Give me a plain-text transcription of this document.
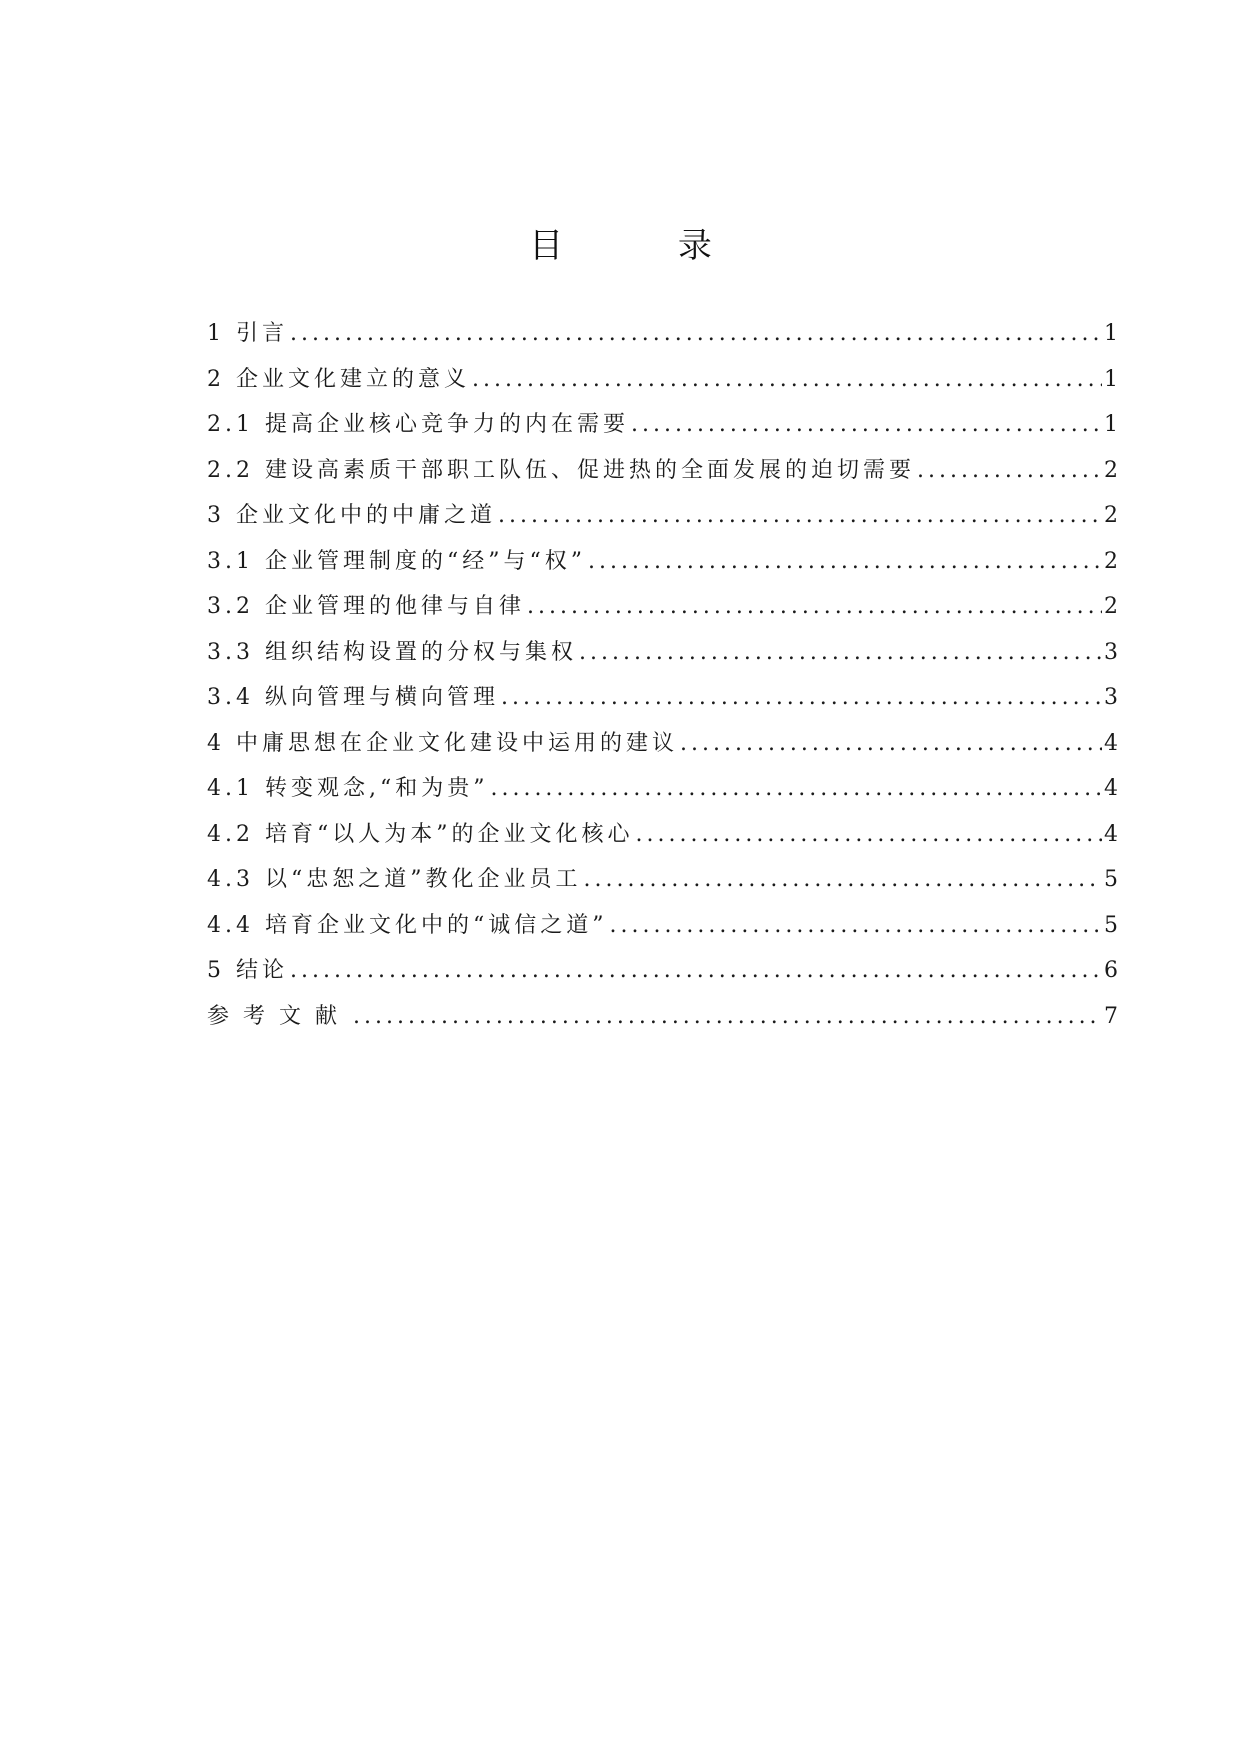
目 录
1 引言 .....	1
2 企业文化建立的意义 .....	1
2.1 提高企业核心竞争力的内在需要 .....	1
2.2 建设高素质干部职工队伍、促进热的全面发展的迫切需要 .....	2
3 企业文化中的中庸之道 .....	2
3.1 企业管理制度的“经”与“权” .....	2
3.2 企业管理的他律与自律 .....	2
3.3 组织结构设置的分权与集权 .....	3
3.4 纵向管理与横向管理 .....	3
4 中庸思想在企业文化建设中运用的建议 .....	4
4.1 转变观念,“和为贵” .....	4
4.2 培育“以人为本”的企业文化核心 .....	4
4.3 以“忠恕之道”教化企业员工 .....	5
4.4 培育企业文化中的“诚信之道” .....	5
5 结论 .....	6
参考文献 .....	7
